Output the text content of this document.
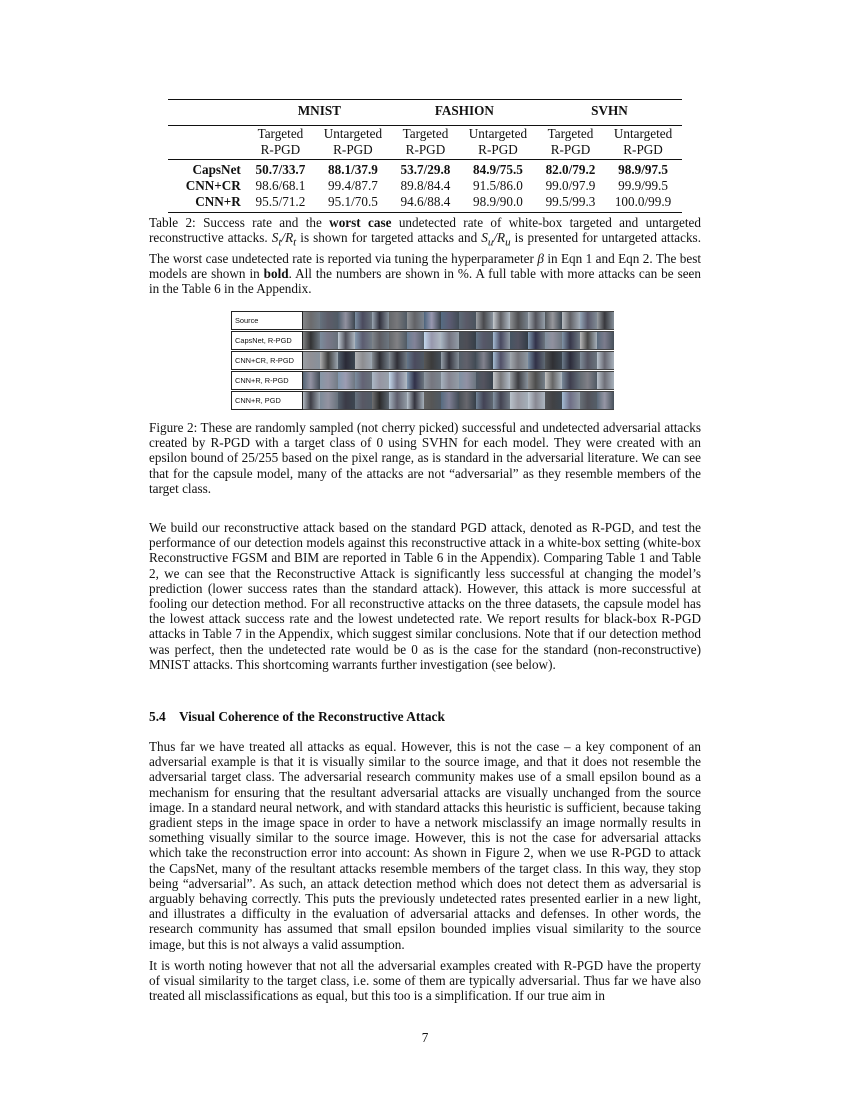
	MNIST		FASHION		SVHN	
	Targeted	Untargeted	Targeted	Untargeted	Targeted	Untargeted
	R-PGD	R-PGD	R-PGD	R-PGD	R-PGD	R-PGD
CapsNet	50.7/33.7	88.1/37.9	53.7/29.8	84.9/75.5	82.0/79.2	98.9/97.5
CNN+CR	98.6/68.1	99.4/87.7	89.8/84.4	91.5/86.0	99.0/97.9	99.9/99.5
CNN+R	95.5/71.2	95.1/70.5	94.6/88.4	98.9/90.0	99.5/99.3	100.0/99.9

Table 2: Success rate and the worst case undetected rate of white-box targeted and untargeted reconstructive attacks. $S_t/R_t$ is shown for targeted attacks and $S_u/R_u$ is presented for untargeted attacks. The worst case undetected rate is reported via tuning the hyperparameter β in Eqn 1 and Eqn 2. The best models are shown in bold. All the numbers are shown in %. A full table with more attacks can be seen in the Table 6 in the Appendix.

Source
CapsNet, R-PGD
CNN+CR, R-PGD
CNN+R, R-PGD
CNN+R, PGD

Figure 2: These are randomly sampled (not cherry picked) successful and undetected adversarial attacks created by R-PGD with a target class of 0 using SVHN for each model. They were created with an epsilon bound of 25/255 based on the pixel range, as is standard in the adversarial literature. We can see that for the capsule model, many of the attacks are not “adversarial” as they resemble members of the target class.

We build our reconstructive attack based on the standard PGD attack, denoted as R-PGD, and test the performance of our detection models against this reconstructive attack in a white-box setting (white-box Reconstructive FGSM and BIM are reported in Table 6 in the Appendix). Comparing Table 1 and Table 2, we can see that the Reconstructive Attack is significantly less successful at changing the model’s prediction (lower success rates than the standard attack). However, this attack is more successful at fooling our detection method. For all reconstructive attacks on the three datasets, the capsule model has the lowest attack success rate and the lowest undetected rate. We report results for black-box R-PGD attacks in Table 7 in the Appendix, which suggest similar conclusions. Note that if our detection method was perfect, then the undetected rate would be 0 as is the case for the standard (non-reconstructive) MNIST attacks. This shortcoming warrants further investigation (see below).

5.4 Visual Coherence of the Reconstructive Attack

Thus far we have treated all attacks as equal. However, this is not the case – a key component of an adversarial example is that it is visually similar to the source image, and that it does not resemble the adversarial target class. The adversarial research community makes use of a small epsilon bound as a mechanism for ensuring that the resultant adversarial attacks are visually unchanged from the source image. In a standard neural network, and with standard attacks this heuristic is sufficient, because taking gradient steps in the image space in order to have a network misclassify an image normally results in something visually similar to the source image. However, this is not the case for adversarial attacks which take the reconstruction error into account: As shown in Figure 2, when we use R-PGD to attack the CapsNet, many of the resultant attacks resemble members of the target class. In this way, they stop being “adversarial”. As such, an attack detection method which does not detect them as adversarial is arguably behaving correctly. This puts the previously undetected rates presented earlier in a new light, and illustrates a difficulty in the evaluation of adversarial attacks and defenses. In other words, the research community has assumed that small epsilon bounded implies visual similarity to the source image, but this is not always a valid assumption.

It is worth noting however that not all the adversarial examples created with R-PGD have the property of visual similarity to the target class, i.e. some of them are typically adversarial. Thus far we have also treated all misclassifications as equal, but this too is a simplification. If our true aim in

7
